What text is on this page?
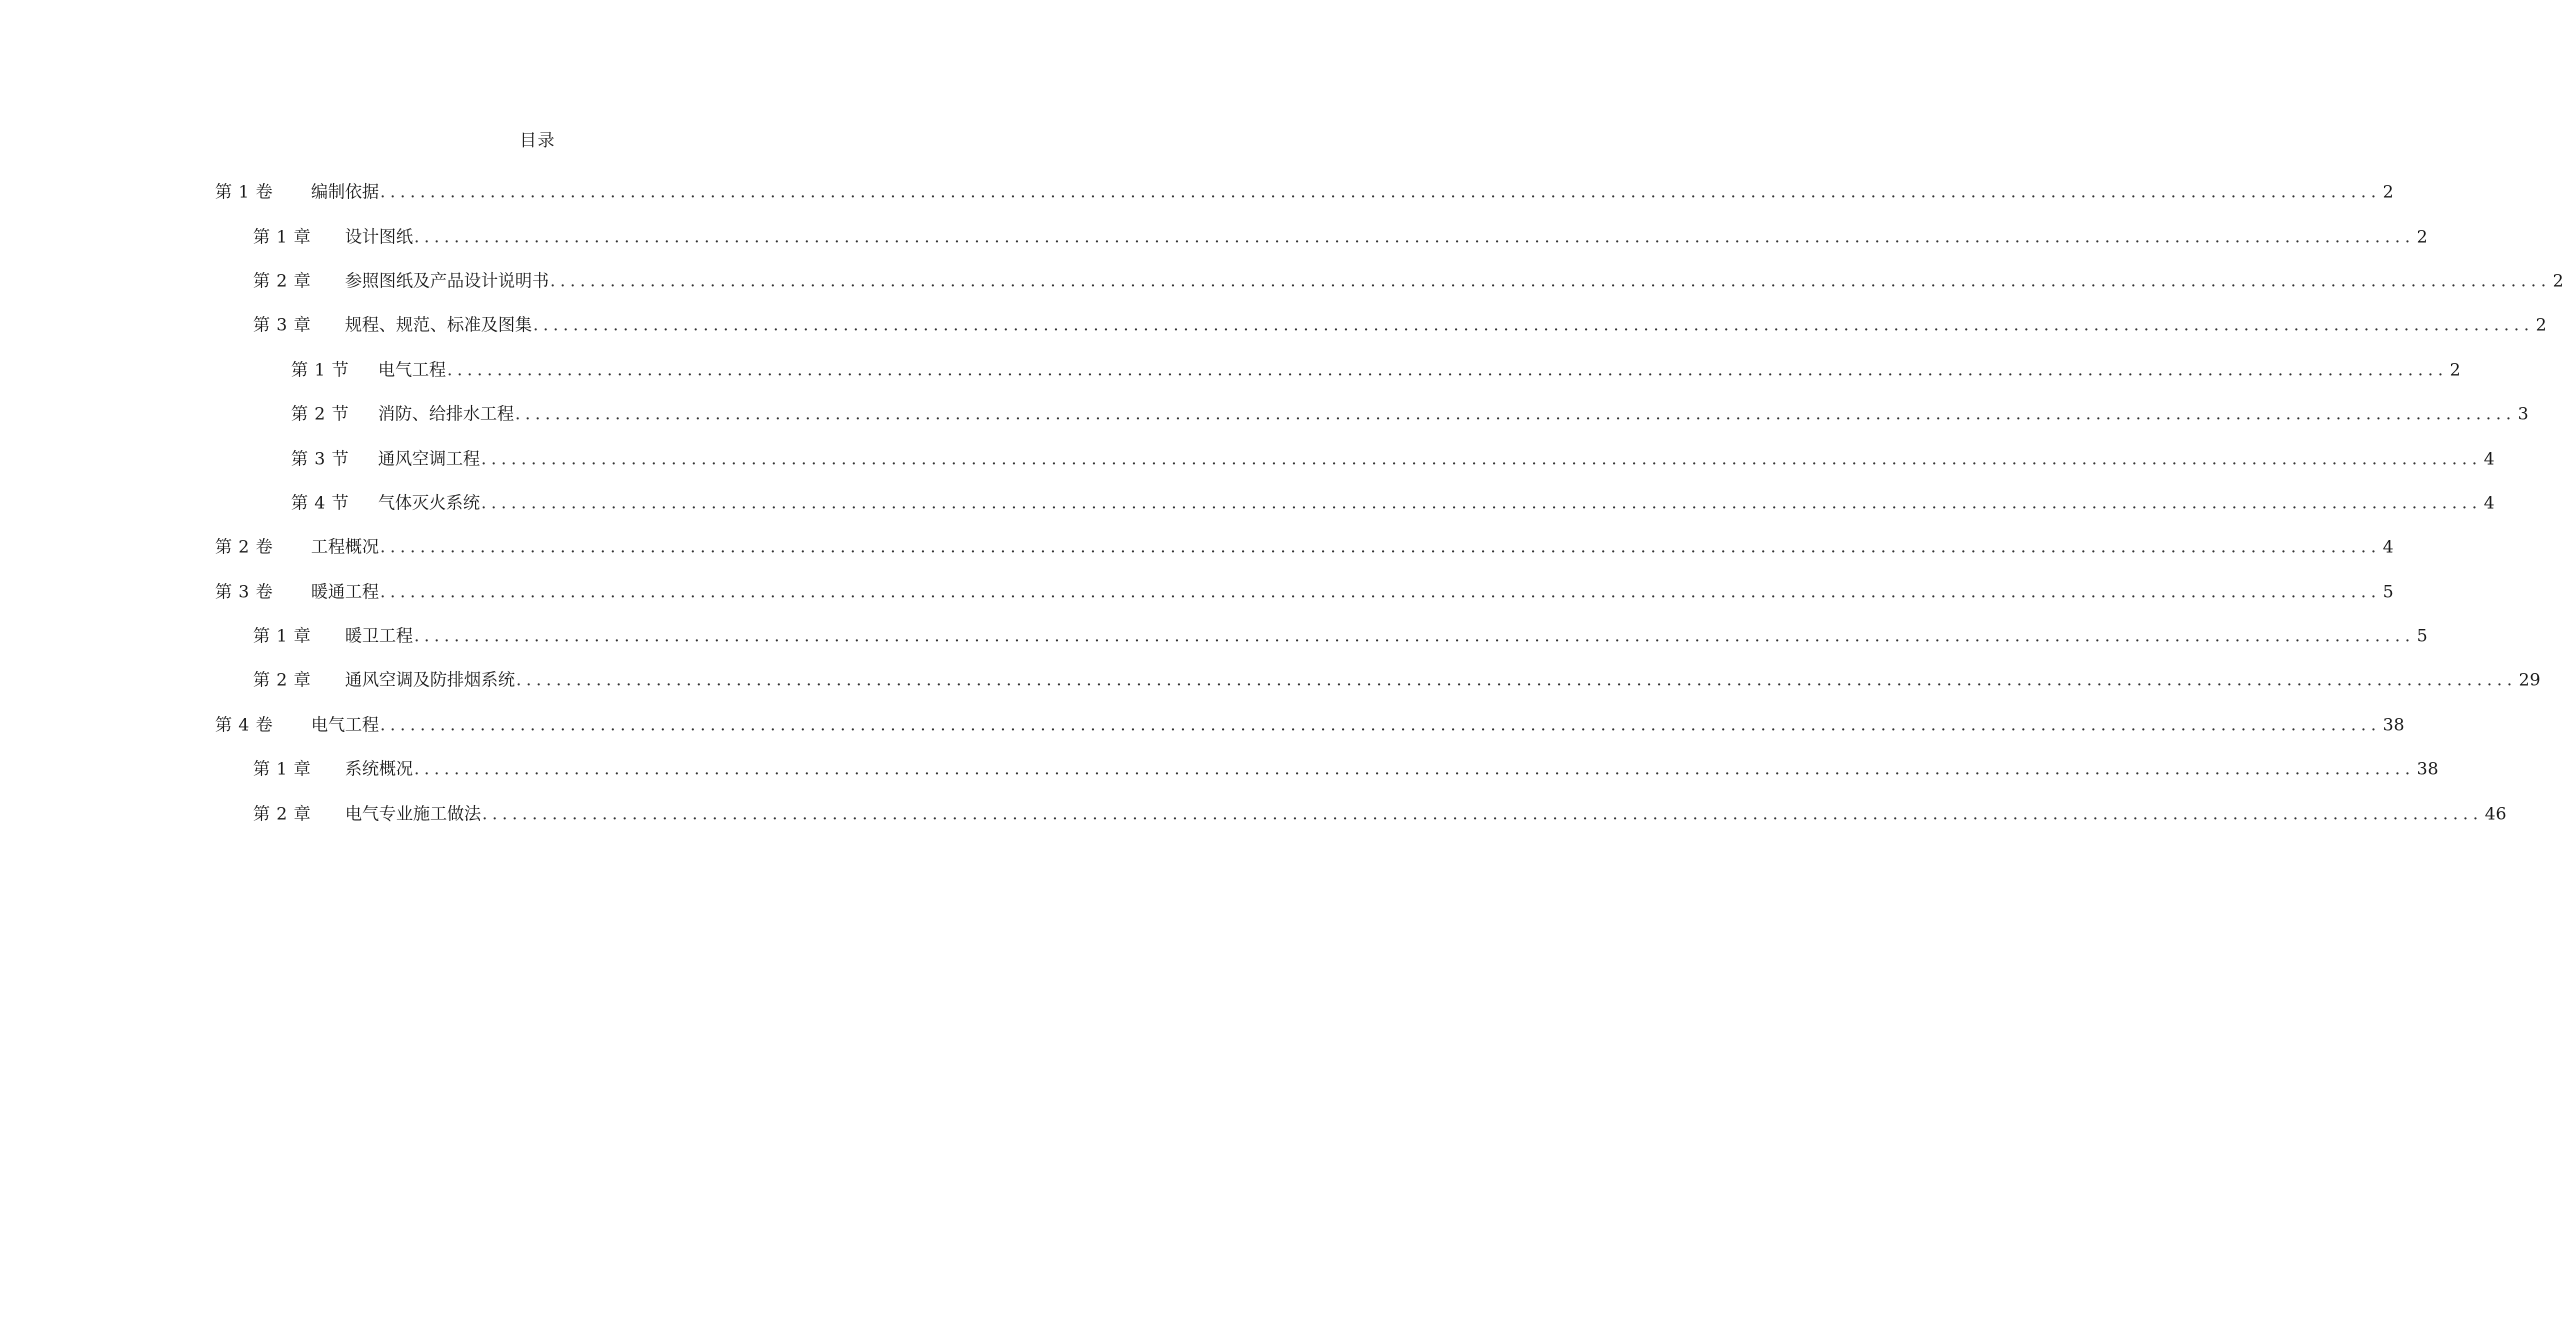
目录
第 1 卷 编制依据 ........................................................................................................................................................................................................ 2
第 1 章 设计图纸 ........................................................................................................................................................................................................ 2
第 2 章 参照图纸及产品设计说明书 ........................................................................................................................................................................................................ 2
第 3 章 规程、规范、标准及图集 ........................................................................................................................................................................................................ 2
第 1 节 电气工程 ........................................................................................................................................................................................................ 2
第 2 节 消防、给排水工程 ........................................................................................................................................................................................................ 3
第 3 节 通风空调工程 ........................................................................................................................................................................................................ 4
第 4 节 气体灭火系统 ........................................................................................................................................................................................................ 4
第 2 卷 工程概况 ........................................................................................................................................................................................................ 4
第 3 卷 暖通工程 ........................................................................................................................................................................................................ 5
第 1 章 暖卫工程 ........................................................................................................................................................................................................ 5
第 2 章 通风空调及防排烟系统 ........................................................................................................................................................................................................ 29
第 4 卷 电气工程 ........................................................................................................................................................................................................ 38
第 1 章 系统概况 ........................................................................................................................................................................................................ 38
第 2 章 电气专业施工做法 ........................................................................................................................................................................................................ 46
